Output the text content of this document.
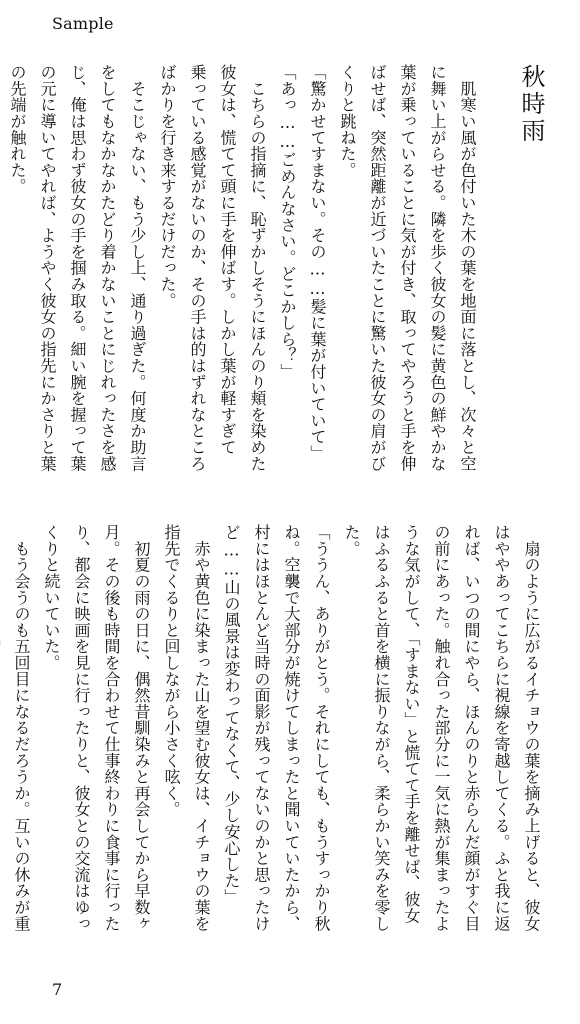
Sample

秋時雨

　肌寒い風が色付いた木の葉を地面に落とし、次々と空

に舞い上がらせる。隣を歩く彼女の髪に黄色の鮮やかな

葉が乗っていることに気が付き、取ってやろうと手を伸

ばせば、突然距離が近づいたことに驚いた彼女の肩がび

くりと跳ねた。

「驚かせてすまない。その……髪に葉が付いていて」

「あっ……ごめんなさい。どこかしら？」

　こちらの指摘に、恥ずかしそうにほんのり頬を染めた

彼女は、慌てて頭に手を伸ばす。しかし葉が軽すぎて

乗っている感覚がないのか、その手は的はずれなところ

ばかりを行き来するだけだった。

　そこじゃない、もう少し上、通り過ぎた。何度か助言

をしてもなかなかたどり着かないことにじれったさを感

じ、俺は思わず彼女の手を掴み取る。細い腕を握って葉

の元に導いてやれば、ようやく彼女の指先にかさりと葉

の先端が触れた。

　扇のように広がるイチョウの葉を摘み上げると、彼女

はややあってこちらに視線を寄越してくる。ふと我に返

れば、いつの間にやら、ほんのりと赤らんだ顔がすぐ目

の前にあった。触れ合った部分に一気に熱が集まったよ

うな気がして、「すまない」と慌てて手を離せば、彼女

はふるふると首を横に振りながら、柔らかい笑みを零し

た。

「ううん、ありがとう。それにしても、もうすっかり秋

ね。空襲で大部分が焼けてしまったと聞いていたから、

村にはほとんど当時の面影が残ってないのかと思ったけ

ど……山の風景は変わってなくて、少し安心した」

　赤や黄色に染まった山を望む彼女は、イチョウの葉を

指先でくるりと回しながら小さく呟く。

　初夏の雨の日に、偶然昔馴染みと再会してから早数ヶ

月。その後も時間を合わせて仕事終わりに食事に行った

り、都会に映画を見に行ったりと、彼女との交流はゆっ

くりと続いていた。

　もう会うのも五回目になるだろうか。互いの休みが重

7
